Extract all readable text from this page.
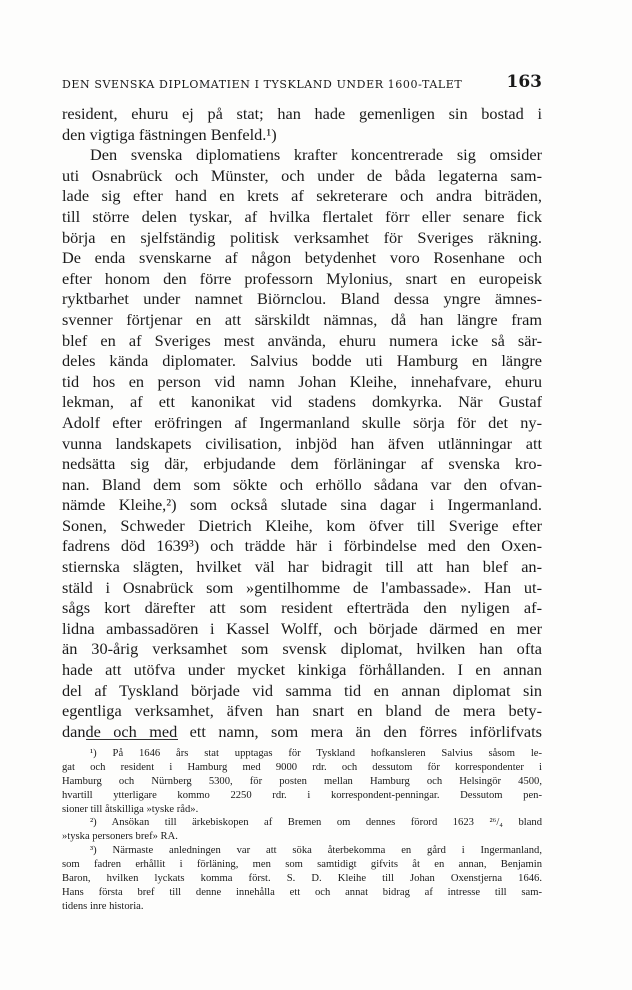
DEN SVENSKA DIPLOMATIEN I TYSKLAND UNDER 1600-TALET	163
resident, ehuru ej på stat; han hade gemenligen sin bostad i
den vigtiga fästningen Benfeld.¹)
Den svenska diplomatiens krafter koncentrerade sig omsider
uti Osnabrück och Münster, och under de båda legaterna sam-
lade sig efter hand en krets af sekreterare och andra biträden,
till större delen tyskar, af hvilka flertalet förr eller senare fick
börja en sjelfständig politisk verksamhet för Sveriges räkning.
De enda svenskarne af någon betydenhet voro Rosenhane och
efter honom den förre professorn Mylonius, snart en europeisk
ryktbarhet under namnet Biörnclou. Bland dessa yngre ämnes-
svenner förtjenar en att särskildt nämnas, då han längre fram
blef en af Sveriges mest använda, ehuru numera icke så sär-
deles kända diplomater. Salvius bodde uti Hamburg en längre
tid hos en person vid namn Johan Kleihe, innehafvare, ehuru
lekman, af ett kanonikat vid stadens domkyrka. När Gustaf
Adolf efter eröfringen af Ingermanland skulle sörja för det ny-
vunna landskapets civilisation, inbjöd han äfven utlänningar att
nedsätta sig där, erbjudande dem förläningar af svenska kro-
nan. Bland dem som sökte och erhöllo sådana var den ofvan-
nämde Kleihe,²) som också slutade sina dagar i Ingermanland.
Sonen, Schweder Dietrich Kleihe, kom öfver till Sverige efter
fadrens död 1639³) och trädde här i förbindelse med den Oxen-
stiernska slägten, hvilket väl har bidragit till att han blef an-
stäld i Osnabrück som »gentilhomme de l'ambassade». Han ut-
sågs kort därefter att som resident efterträda den nyligen af-
lidna ambassadören i Kassel Wolff, och började därmed en mer
än 30-årig verksamhet som svensk diplomat, hvilken han ofta
hade att utöfva under mycket kinkiga förhållanden. I en annan
del af Tyskland började vid samma tid en annan diplomat sin
egentliga verksamhet, äfven han snart en bland de mera bety-
dande och med ett namn, som mera än den förres införlifvats
¹) På 1646 års stat upptagas för Tyskland hofkansleren Salvius såsom le-
gat och resident i Hamburg med 9000 rdr. och dessutom för korrespondenter i
Hamburg och Nürnberg 5300, för posten mellan Hamburg och Helsingör 4500,
hvartill ytterligare kommo 2250 rdr. i korrespondent-penningar. Dessutom pen-
sioner till åtskilliga »tyske råd».
²) Ansökan till ärkebiskopen af Bremen om dennes förord 1623 ²⁶/₄ bland
»tyska personers bref» RA.
³) Närmaste anledningen var att söka återbekomma en gård i Ingermanland,
som fadren erhållit i förläning, men som samtidigt gifvits åt en annan, Benjamin
Baron, hvilken lyckats komma först. S. D. Kleihe till Johan Oxenstjerna 1646.
Hans första bref till denne innehålla ett och annat bidrag af intresse till sam-
tidens inre historia.
